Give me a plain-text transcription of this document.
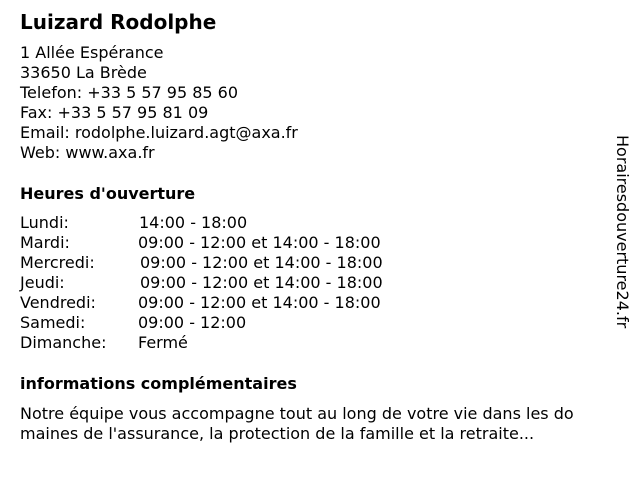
Luizard Rodolphe
1 Allée Espérance
33650 La Brède
Telefon: +33 5 57 95 85 60
Fax: +33 5 57 95 81 09
Email: rodolphe.luizard.agt@axa.fr
Web: www.axa.fr
Heures d'ouverture
Lundi:	14:00 - 18:00
Mardi:	09:00 - 12:00 et 14:00 - 18:00
Mercredi:	09:00 - 12:00 et 14:00 - 18:00
Jeudi:	09:00 - 12:00 et 14:00 - 18:00
Vendredi:	09:00 - 12:00 et 14:00 - 18:00
Samedi:	09:00 - 12:00
Dimanche: Fermé
informations complémentaires
Notre équipe vous accompagne tout au long de votre vie dans les do
maines de l'assurance, la protection de la famille et la retraite...
Horairesdouverture24.fr
